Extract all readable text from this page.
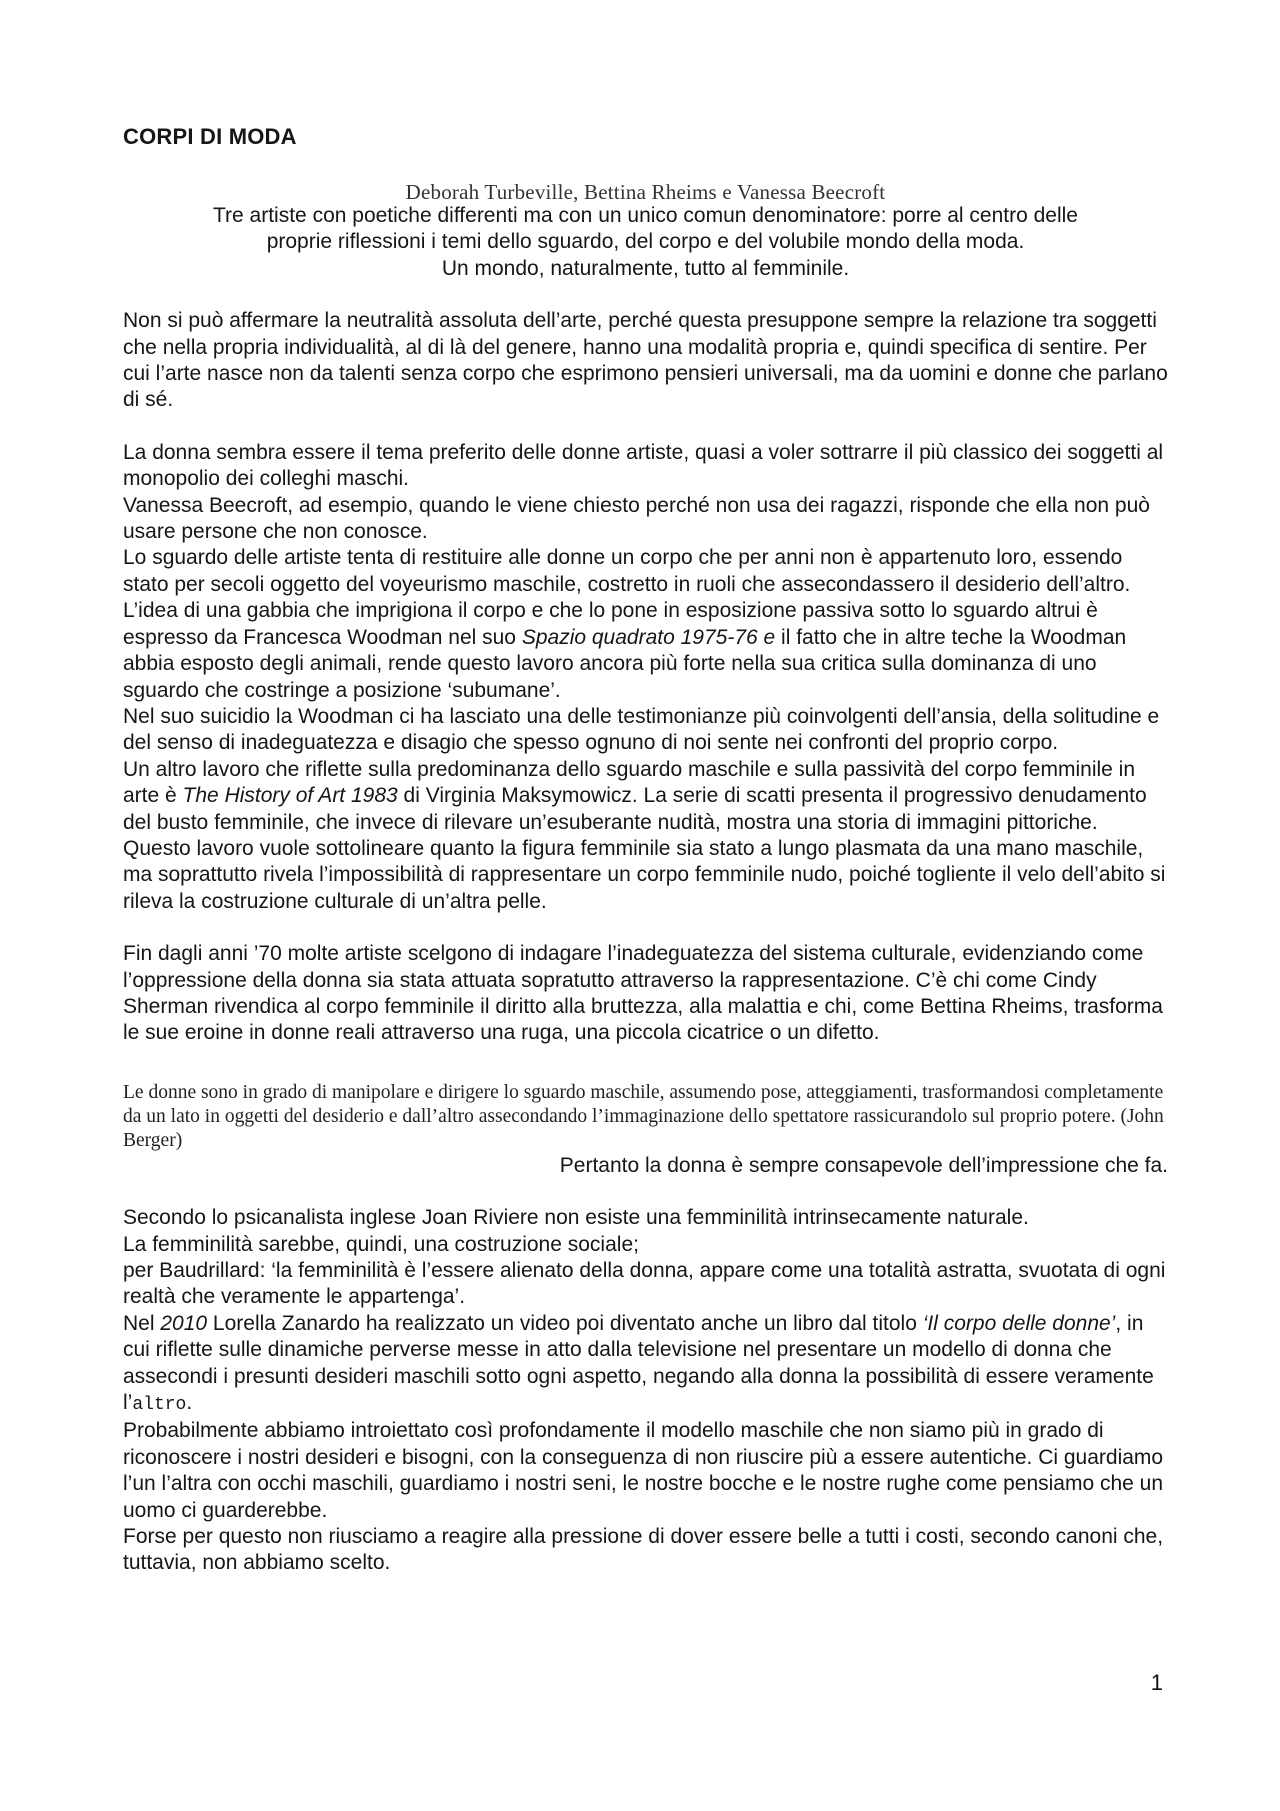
CORPI DI MODA
Deborah Turbeville, Bettina Rheims e Vanessa Beecroft
Tre artiste con poetiche differenti ma con un unico comun denominatore: porre al centro delle
proprie riflessioni i temi dello sguardo, del corpo e del volubile mondo della moda.
Un mondo, naturalmente, tutto al femminile.

Non si può affermare la neutralità assoluta dell’arte, perché questa presuppone sempre la relazione tra soggetti che nella propria individualità, al di là del genere, hanno una modalità propria e, quindi specifica di sentire. Per cui l’arte nasce non da talenti senza corpo che esprimono pensieri universali, ma da uomini e donne che parlano di sé.

La donna sembra essere il tema preferito delle donne artiste, quasi a voler sottrarre il più classico dei soggetti al monopolio dei colleghi maschi.

Vanessa Beecroft, ad esempio, quando le viene chiesto perché non usa dei ragazzi, risponde che ella non può usare persone che non conosce.

Lo sguardo delle artiste tenta di restituire alle donne un corpo che per anni non è appartenuto loro, essendo stato per secoli oggetto del voyeurismo maschile, costretto in ruoli che assecondassero il desiderio dell’altro.

L’idea di una gabbia che imprigiona il corpo e che lo pone in esposizione passiva sotto lo sguardo altrui è espresso da Francesca Woodman nel suo Spazio quadrato 1975-76 e il fatto che in altre teche la Woodman abbia esposto degli animali, rende questo lavoro ancora più forte nella sua critica sulla dominanza di uno sguardo che costringe a posizione ‘subumane’.

Nel suo suicidio la Woodman ci ha lasciato una delle testimonianze più coinvolgenti dell’ansia, della solitudine e del senso di inadeguatezza e disagio che spesso ognuno di noi sente nei confronti del proprio corpo.

Un altro lavoro che riflette sulla predominanza dello sguardo maschile e sulla passività del corpo femminile in arte è The History of Art 1983 di Virginia Maksymowicz. La serie di scatti presenta il progressivo denudamento del busto femminile, che invece di rilevare un’esuberante nudità, mostra una storia di immagini pittoriche. Questo lavoro vuole sottolineare quanto la figura femminile sia stato a lungo plasmata da una mano maschile, ma soprattutto rivela l’impossibilità di rappresentare un corpo femminile nudo, poiché togliente il velo dell’abito si rileva la costruzione culturale di un’altra pelle.

Fin dagli anni ’70 molte artiste scelgono di indagare l’inadeguatezza del sistema culturale, evidenziando come l’oppressione della donna sia stata attuata sopratutto attraverso la rappresentazione. C’è chi come Cindy Sherman rivendica al corpo femminile il diritto alla bruttezza, alla malattia e chi, come Bettina Rheims, trasforma le sue eroine in donne reali attraverso una ruga, una piccola cicatrice o un difetto.

Le donne sono in grado di manipolare e dirigere lo sguardo maschile, assumendo pose, atteggiamenti, trasformandosi completamente da un lato in oggetti del desiderio e dall’altro assecondando l’immaginazione dello spettatore rassicurandolo sul proprio potere. (John Berger)

Pertanto la donna è sempre consapevole dell’impressione che fa.

Secondo lo psicanalista inglese Joan Riviere non esiste una femminilità intrinsecamente naturale.

La femminilità sarebbe, quindi, una costruzione sociale;

per Baudrillard: ‘la femminilità è l’essere alienato della donna, appare come una totalità astratta, svuotata di ogni realtà che veramente le appartenga’.

Nel 2010 Lorella Zanardo ha realizzato un video poi diventato anche un libro dal titolo ‘Il corpo delle donne’, in cui riflette sulle dinamiche perverse messe in atto dalla televisione nel presentare un modello di donna che assecondi i presunti desideri maschili sotto ogni aspetto, negando alla donna la possibilità di essere veramente l’altro.

Probabilmente abbiamo introiettato così profondamente il modello maschile che non siamo più in grado di riconoscere i nostri desideri e bisogni, con la conseguenza di non riuscire più a essere autentiche. Ci guardiamo l’un l’altra con occhi maschili, guardiamo i nostri seni, le nostre bocche e le nostre rughe come pensiamo che un uomo ci guarderebbe.

Forse per questo non riusciamo a reagire alla pressione di dover essere belle a tutti i costi, secondo canoni che, tuttavia, non abbiamo scelto.

1
